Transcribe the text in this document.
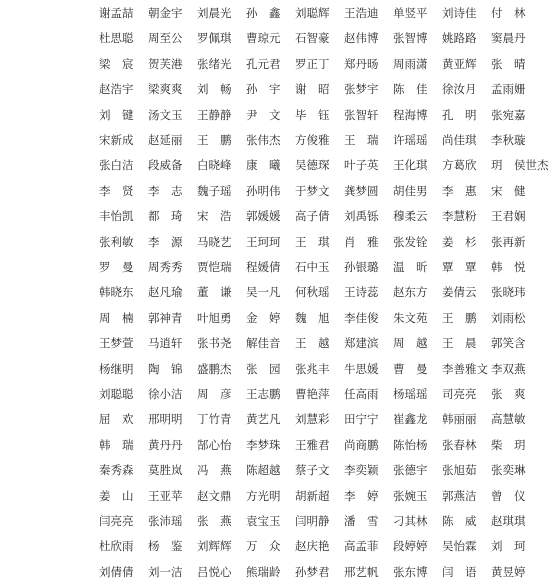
谢孟喆	朝金宇	刘晨光	孙　鑫	刘聪辉	王浩迪	单竖平	刘诗佳	付　林
杜思聪	周至公	罗佩琪	曹琼元	石智豪	赵伟博	张智博	姚路路	窦晨丹
梁　宸	贺芙港	张绪光	孔元君	罗正丁	郑丹旸	周雨潇	黄亚辉	张　晴
赵浩宇	梁爽爽	刘　畅	孙　宇	谢　昭	张梦宇	陈　佳	徐汝月	孟雨姗
刘　键	汤文玉	王静静	尹　文	毕　钰	张智轩	程海博	孔　明	张宛嘉
宋新成	赵延丽	王　鹏	张伟杰	方俊雅	王　瑞	许瑶瑶	尚佳琪	李秋璇
张白洁	段威备	白晓峰	康　曦	吴德琛	叶子英	王化琪	方葛欣	玥　侯世杰
李　贤	李　志	魏子瑶	孙明伟	于梦文	龚梦圆	胡佳男	李　惠	宋　健
丰怡凯	都　琦	宋　浩	郭媛媛	高子倩	刘禹铄	穆柔云	李慧粉	王君娴
张利敏	李　源	马晓艺	王珂珂	王　琪	肖　雅	张发铨	姜　杉	张再新
罗　曼	周秀秀	贾恺瑞	程媛倩	石中玉	孙银璐	温　昕	覃　覃	韩　悦
韩晓东	赵凡瑜	董　谦	吴一凡	何秋瑶	王诗蕊	赵东方	姜倩云	张晓玮
周　楠	郭神青	叶旭勇	金　婷	魏　旭	李佳俊	朱文苑	王　鹏	刘雨松
王梦萱	马逍轩	张书尧	解佳音	王　越	郑建滨	周　越	王　晨	郭笑含
杨继明	陶　锦	盛鹏杰	张　园	张兆丰	牛思媛	曹　曼	李善雅文 李双燕
刘聪聪	徐小洁	周　彦	王志鹏	曹艳萍	任高雨	杨瑶瑶	司亮亮	张　爽
屈　欢	邢明明	丁竹青	黄艺凡	刘慧彩	田宁宁	崔鑫龙	韩丽丽	高慧敏
韩　瑞	黄丹丹	郜心怡	李梦珠	王雅君	尚商鹏	陈怡杨	张春林	柴　玥
秦秀森	莫胜岚	冯　燕	陈超越	蔡子文	李奕颖	张德宇	张旭茹	张奕琳
姜　山	王亚苹	赵文鼎	方光明	胡新超	李　婷	张婉玉	郭燕洁	曾　仪
闫亮亮	张沛瑶	张　燕	袁宝玉	闫明静	潘　雪	刁其林	陈　威	赵琪琪
杜欣雨	杨　鉴	刘辉辉	万　众	赵庆艳	高孟菲	段婷婷	吴怡霖	刘　珂
刘倩倩	刘一洁	吕悦心	熊瑞龄	孙梦君	邢艺帆	张东博	闫　语	黄昱婷
